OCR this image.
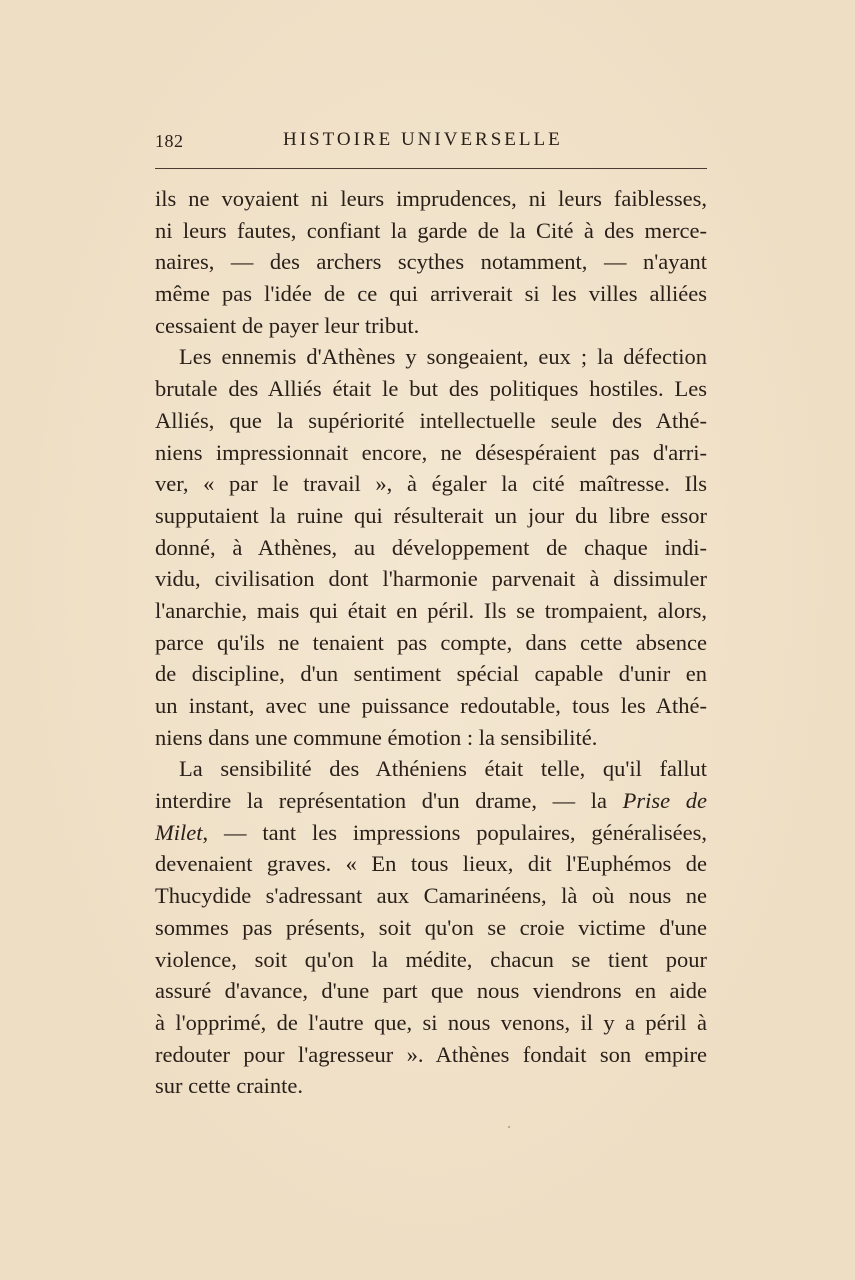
182	HISTOIRE UNIVERSELLE
ils ne voyaient ni leurs imprudences, ni leurs faiblesses,
ni leurs fautes, confiant la garde de la Cité à des merce-
naires, — des archers scythes notamment, — n'ayant
même pas l'idée de ce qui arriverait si les villes alliées
cessaient de payer leur tribut.
Les ennemis d'Athènes y songeaient, eux ; la défection
brutale des Alliés était le but des politiques hostiles. Les
Alliés, que la supériorité intellectuelle seule des Athé-
niens impressionnait encore, ne désespéraient pas d'arri-
ver, « par le travail », à égaler la cité maîtresse. Ils
supputaient la ruine qui résulterait un jour du libre essor
donné, à Athènes, au développement de chaque indi-
vidu, civilisation dont l'harmonie parvenait à dissimuler
l'anarchie, mais qui était en péril. Ils se trompaient, alors,
parce qu'ils ne tenaient pas compte, dans cette absence
de discipline, d'un sentiment spécial capable d'unir en
un instant, avec une puissance redoutable, tous les Athé-
niens dans une commune émotion : la sensibilité.
La sensibilité des Athéniens était telle, qu'il fallut
interdire la représentation d'un drame, — la Prise de
Milet, — tant les impressions populaires, généralisées,
devenaient graves. « En tous lieux, dit l'Euphémos de
Thucydide s'adressant aux Camarinéens, là où nous ne
sommes pas présents, soit qu'on se croie victime d'une
violence, soit qu'on la médite, chacun se tient pour
assuré d'avance, d'une part que nous viendrons en aide
à l'opprimé, de l'autre que, si nous venons, il y a péril à
redouter pour l'agresseur ». Athènes fondait son empire
sur cette crainte.
